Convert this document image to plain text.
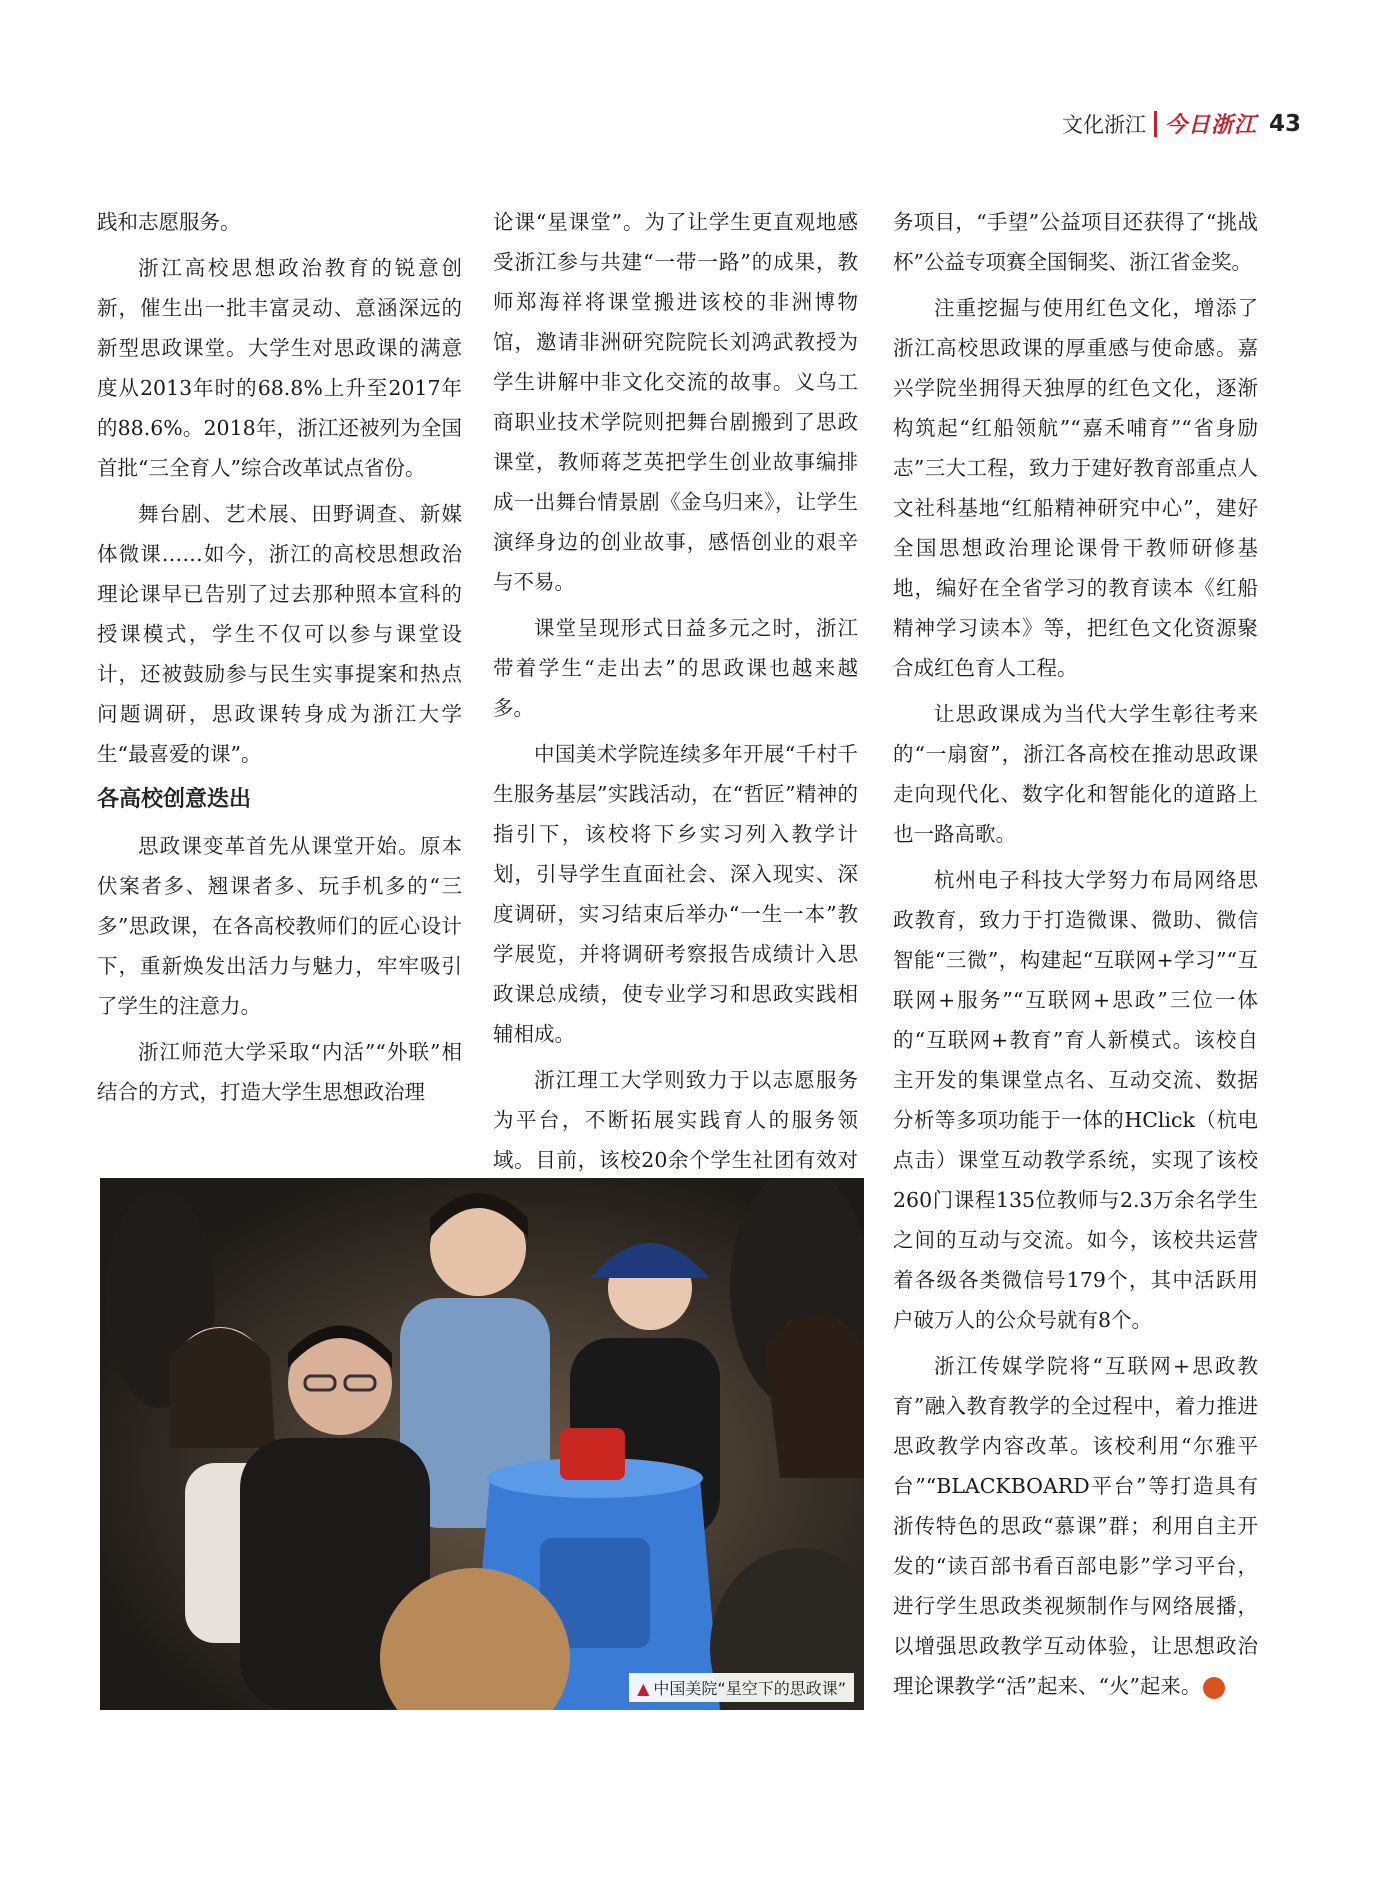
文化浙江 今日浙江 43

践和志愿服务。

浙江高校思想政治教育的锐意创新，催生出一批丰富灵动、意涵深远的新型思政课堂。大学生对思政课的满意度从2013年时的68.8%上升至2017年的88.6%。2018年，浙江还被列为全国首批“三全育人”综合改革试点省份。

舞台剧、艺术展、田野调查、新媒体微课……如今，浙江的高校思想政治理论课早已告别了过去那种照本宣科的授课模式，学生不仅可以参与课堂设计，还被鼓励参与民生实事提案和热点问题调研，思政课转身成为浙江大学生“最喜爱的课”。

各高校创意迭出

思政课变革首先从课堂开始。原本伏案者多、翘课者多、玩手机多的“三多”思政课，在各高校教师们的匠心设计下，重新焕发出活力与魅力，牢牢吸引了学生的注意力。

浙江师范大学采取“内活”“外联”相结合的方式，打造大学生思想政治理

论课“星课堂”。为了让学生更直观地感受浙江参与共建“一带一路”的成果，教师郑海祥将课堂搬进该校的非洲博物馆，邀请非洲研究院院长刘鸿武教授为学生讲解中非文化交流的故事。义乌工商职业技术学院则把舞台剧搬到了思政课堂，教师蒋芝英把学生创业故事编排成一出舞台情景剧《金乌归来》，让学生演绎身边的创业故事，感悟创业的艰辛与不易。

课堂呈现形式日益多元之时，浙江带着学生“走出去”的思政课也越来越多。

中国美术学院连续多年开展“千村千生服务基层”实践活动，在“哲匠”精神的指引下，该校将下乡实习列入教学计划，引导学生直面社会、深入现实、深度调研，实习结束后举办“一生一本”教学展览，并将调研考察报告成绩计入思政课总成绩，使专业学习和思政实践相辅相成。

浙江理工大学则致力于以志愿服务为平台，不断拓展实践育人的服务领域。目前，该校20余个学生社团有效对

务项目，“手望”公益项目还获得了“挑战杯”公益专项赛全国铜奖、浙江省金奖。

注重挖掘与使用红色文化，增添了浙江高校思政课的厚重感与使命感。嘉兴学院坐拥得天独厚的红色文化，逐渐构筑起“红船领航”“嘉禾哺育”“省身励志”三大工程，致力于建好教育部重点人文社科基地“红船精神研究中心”，建好全国思想政治理论课骨干教师研修基地，编好在全省学习的教育读本《红船精神学习读本》等，把红色文化资源聚合成红色育人工程。

让思政课成为当代大学生彰往考来的“一扇窗”，浙江各高校在推动思政课走向现代化、数字化和智能化的道路上也一路高歌。

杭州电子科技大学努力布局网络思政教育，致力于打造微课、微助、微信智能“三微”，构建起“互联网+学习”“互联网+服务”“互联网+思政”三位一体的“互联网+教育”育人新模式。该校自主开发的集课堂点名、互动交流、数据分析等多项功能于一体的HClick（杭电点击）课堂互动教学系统，实现了该校260门课程135位教师与2.3万余名学生之间的互动与交流。如今，该校共运营着各级各类微信号179个，其中活跃用户破万人的公众号就有8个。

浙江传媒学院将“互联网+思政教育”融入教育教学的全过程中，着力推进思政教学内容改革。该校利用“尔雅平台”“BLACKBOARD平台”等打造具有浙传特色的思政“慕课”群；利用自主开发的“读百部书看百部电影”学习平台，进行学生思政类视频制作与网络展播，以增强思政教学互动体验，让思想政治理论课教学“活”起来、“火”起来。

▲ 中国美院“星空下的思政课”
